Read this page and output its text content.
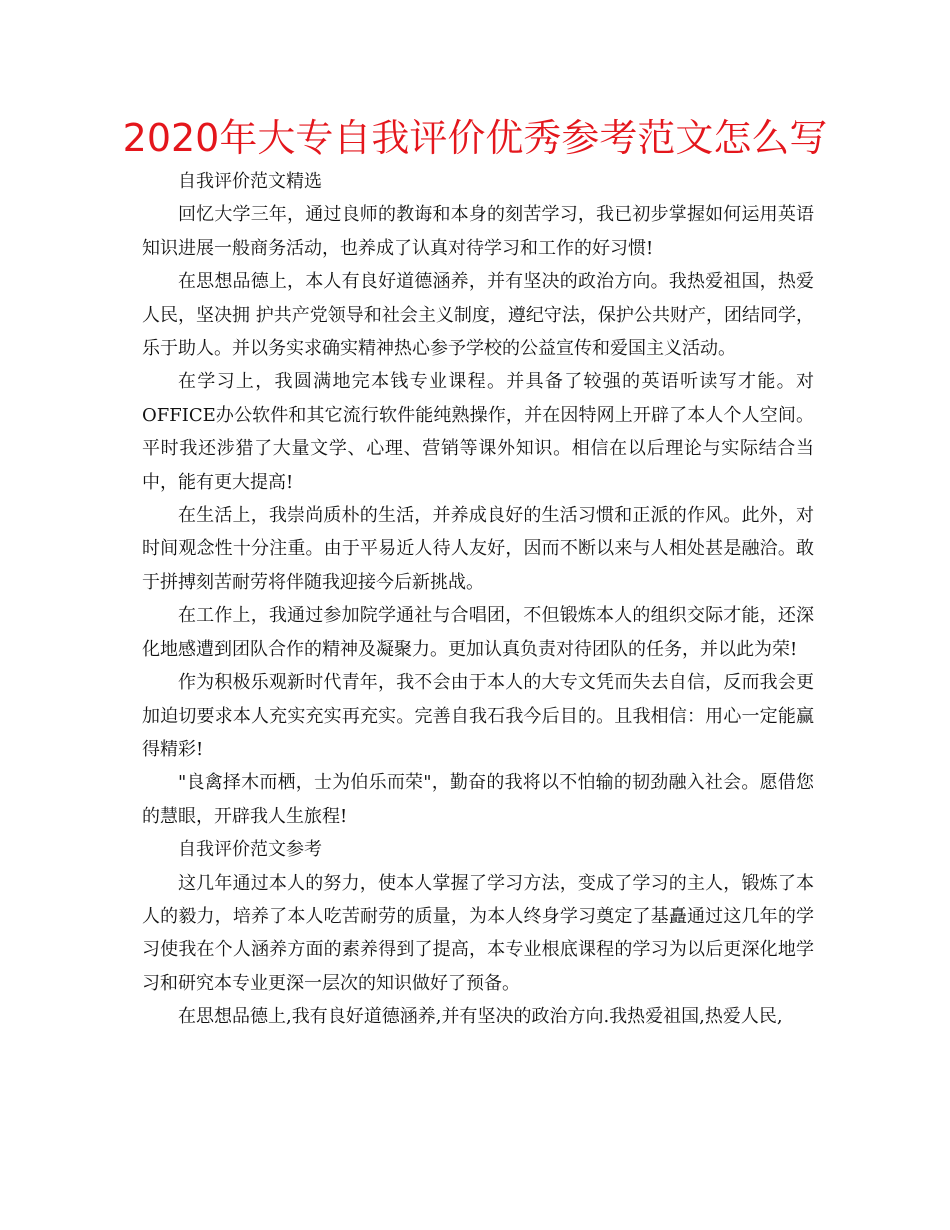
2020年大专自我评价优秀参考范文怎么写

自我评价范文精选

回忆大学三年，通过良师的教诲和本身的刻苦学习，我已初步掌握如何运用英语知识进展一般商务活动，也养成了认真对待学习和工作的好习惯!

在思想品德上，本人有良好道德涵养，并有坚决的政治方向。我热爱祖国，热爱人民，坚决拥 护共产党领导和社会主义制度，遵纪守法，保护公共财产，团结同学，乐于助人。并以务实求确实精神热心参予学校的公益宣传和爱国主义活动。

在学习上，我圆满地完本钱专业课程。并具备了较强的英语听读写才能。对OFFICE办公软件和其它流行软件能纯熟操作，并在因特网上开辟了本人个人空间。平时我还涉猎了大量文学、心理、营销等课外知识。相信在以后理论与实际结合当中，能有更大提高!

在生活上，我崇尚质朴的生活，并养成良好的生活习惯和正派的作风。此外，对时间观念性十分注重。由于平易近人待人友好，因而不断以来与人相处甚是融洽。敢于拼搏刻苦耐劳将伴随我迎接今后新挑战。

在工作上，我通过参加院学通社与合唱团，不但锻炼本人的组织交际才能，还深化地感遭到团队合作的精神及凝聚力。更加认真负责对待团队的任务，并以此为荣!

作为积极乐观新时代青年，我不会由于本人的大专文凭而失去自信，反而我会更加迫切要求本人充实充实再充实。完善自我石我今后目的。且我相信：用心一定能赢得精彩!

"良禽择木而栖，士为伯乐而荣"，勤奋的我将以不怕输的韧劲融入社会。愿借您的慧眼，开辟我人生旅程!

自我评价范文参考

这几年通过本人的努力，使本人掌握了学习方法，变成了学习的主人，锻炼了本人的毅力，培养了本人吃苦耐劳的质量，为本人终身学习奠定了基矗通过这几年的学习使我在个人涵养方面的素养得到了提高，本专业根底课程的学习为以后更深化地学习和研究本专业更深一层次的知识做好了预备。

在思想品德上,我有良好道德涵养,并有坚决的政治方向.我热爱祖国,热爱人民,
